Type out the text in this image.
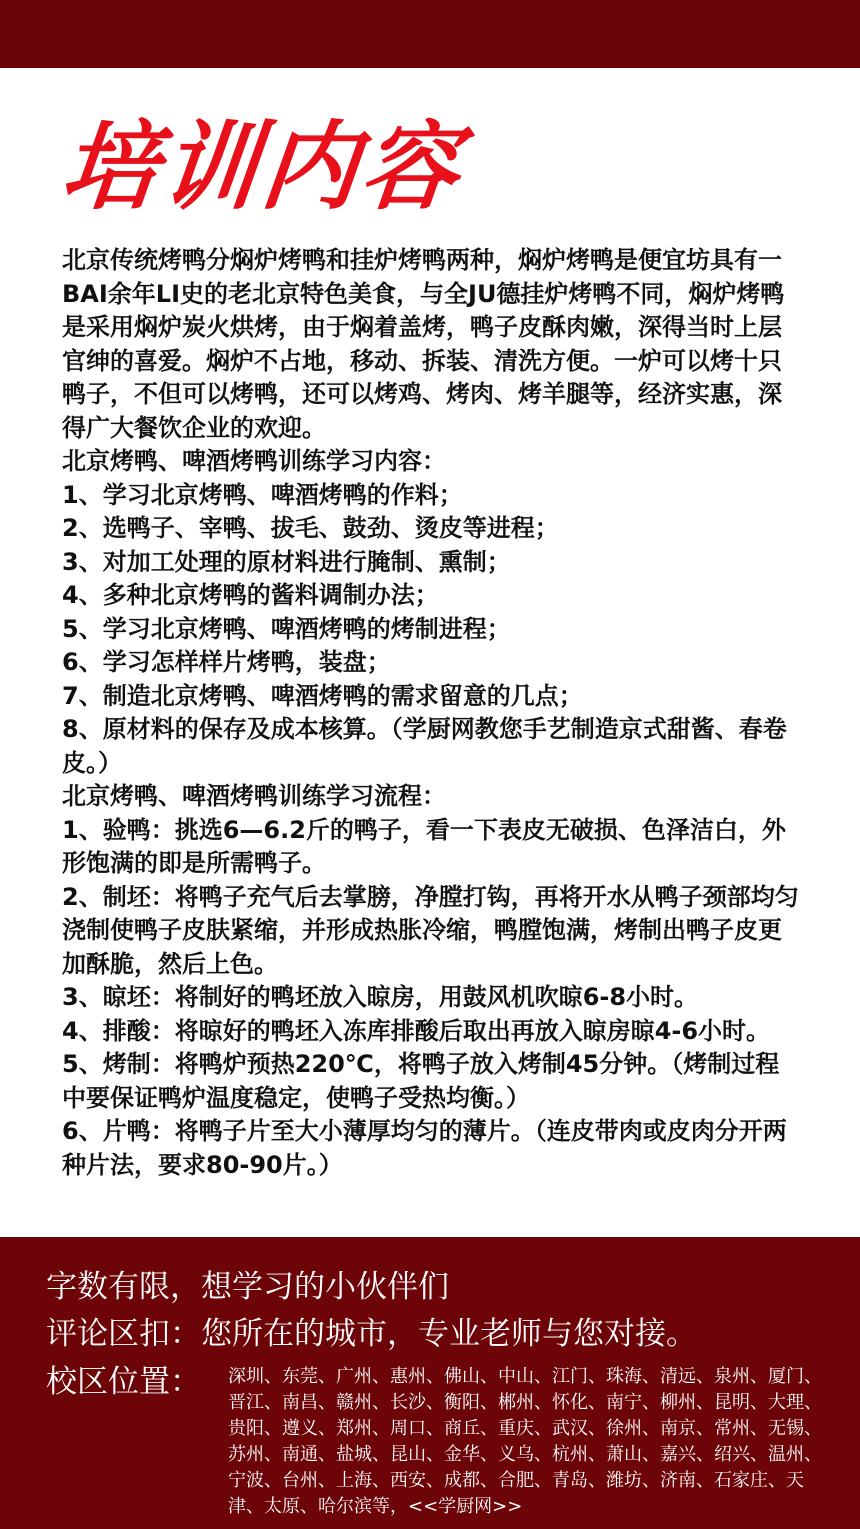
培训内容

北京传统烤鸭分焖炉烤鸭和挂炉烤鸭两种，焖炉烤鸭是便宜坊具有一BAI余年LI史的老北京特色美食，与全JU德挂炉烤鸭不同，焖炉烤鸭是采用焖炉炭火烘烤，由于焖着盖烤，鸭子皮酥肉嫩，深得当时上层官绅的喜爱。焖炉不占地，移动、拆装、清洗方便。一炉可以烤十只鸭子，不但可以烤鸭，还可以烤鸡、烤肉、烤羊腿等，经济实惠，深得广大餐饮企业的欢迎。

北京烤鸭、啤酒烤鸭训练学习内容：

1、学习北京烤鸭、啤酒烤鸭的作料；

2、选鸭子、宰鸭、拔毛、鼓劲、烫皮等进程；

3、对加工处理的原材料进行腌制、熏制；

4、多种北京烤鸭的酱料调制办法；

5、学习北京烤鸭、啤酒烤鸭的烤制进程；

6、学习怎样样片烤鸭，装盘；

7、制造北京烤鸭、啤酒烤鸭的需求留意的几点；

8、原材料的保存及成本核算。（学厨网教您手艺制造京式甜酱、春卷皮。）

北京烤鸭、啤酒烤鸭训练学习流程：

1、验鸭：挑选6—6.2斤的鸭子，看一下表皮无破损、色泽洁白，外形饱满的即是所需鸭子。

2、制坯：将鸭子充气后去掌膀，净膛打钩，再将开水从鸭子颈部均匀浇制使鸭子皮肤紧缩，并形成热胀冷缩，鸭膛饱满，烤制出鸭子皮更加酥脆，然后上色。

3、晾坯：将制好的鸭坯放入晾房，用鼓风机吹晾6-8小时。

4、排酸：将晾好的鸭坯入冻库排酸后取出再放入晾房晾4-6小时。

5、烤制：将鸭炉预热220℃，将鸭子放入烤制45分钟。（烤制过程中要保证鸭炉温度稳定，使鸭子受热均衡。）

6、片鸭：将鸭子片至大小薄厚均匀的薄片。（连皮带肉或皮肉分开两种片法，要求80-90片。）

字数有限，想学习的小伙伴们
评论区扣：您所在的城市，专业老师与您对接。
校区位置： 深圳、东莞、广州、惠州、佛山、中山、江门、珠海、清远、泉州、厦门、晋江、南昌、赣州、长沙、衡阳、郴州、怀化、南宁、柳州、昆明、大理、贵阳、遵义、郑州、周口、商丘、重庆、武汉、徐州、南京、常州、无锡、苏州、南通、盐城、昆山、金华、义乌、杭州、萧山、嘉兴、绍兴、温州、宁波、台州、上海、西安、成都、合肥、青岛、潍坊、济南、石家庄、天津、太原、哈尔滨等，<<学厨网>>
